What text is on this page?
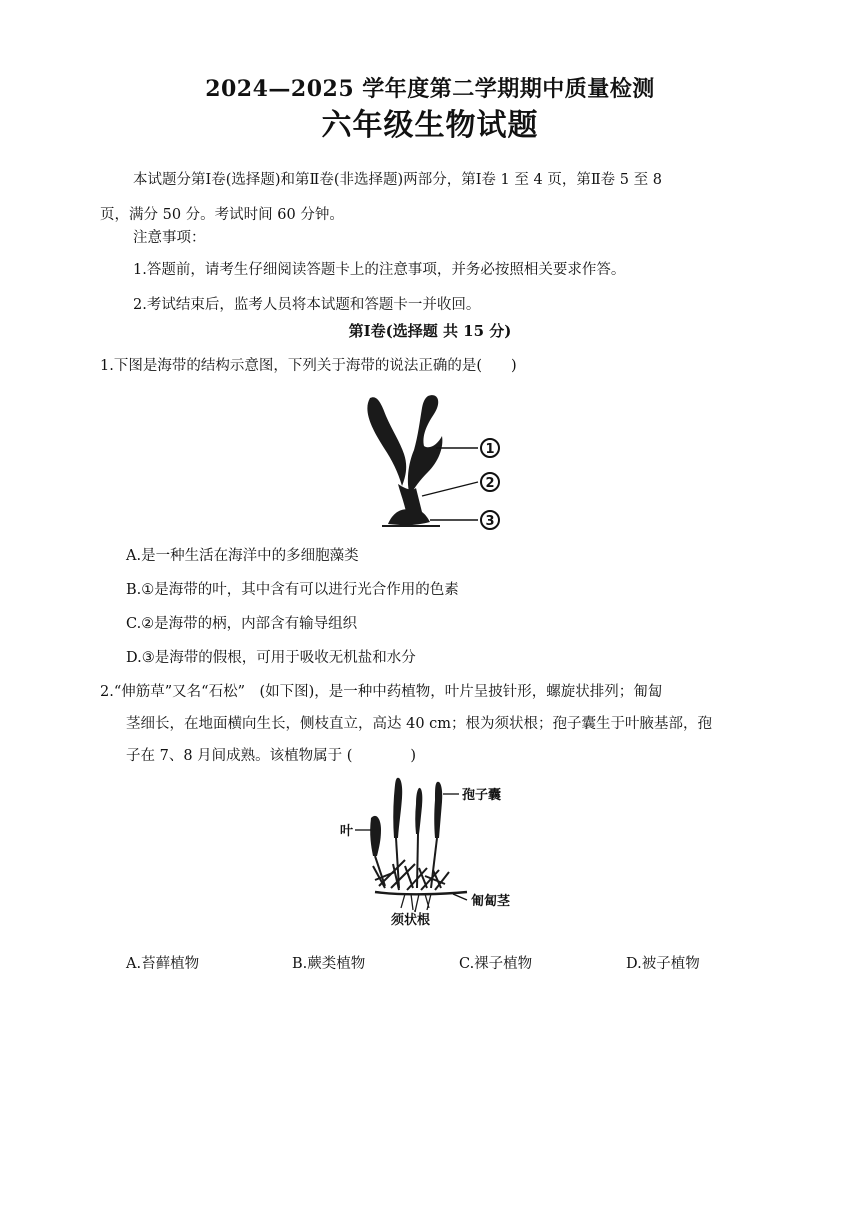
2024—2025 学年度第二学期期中质量检测
六年级生物试题
本试题分第Ⅰ卷(选择题)和第Ⅱ卷(非选择题)两部分，第Ⅰ卷 1 至 4 页，第Ⅱ卷 5 至 8
页，满分 50 分。考试时间 60 分钟。
注意事项：
1.答题前，请考生仔细阅读答题卡上的注意事项，并务必按照相关要求作答。
2.考试结束后，监考人员将本试题和答题卡一并收回。
第Ⅰ卷(选择题 共 15 分)
1.下图是海带的结构示意图，下列关于海带的说法正确的是(　　)
1
2
3
A.是一种生活在海洋中的多细胞藻类
B.①是海带的叶，其中含有可以进行光合作用的色素
C.②是海带的柄，内部含有输导组织
D.③是海带的假根，可用于吸收无机盐和水分
2.“伸筋草”又名“石松”　(如下图)，是一种中药植物，叶片呈披针形，螺旋状排列；匍匐
茎细长，在地面横向生长，侧枝直立，高达 40 cm；根为须状根；孢子囊生于叶腋基部，孢
子在 7、8 月间成熟。该植物属于 (　　　　)
孢子囊
叶
匍匐茎
须状根
A.苔藓植物	B.蕨类植物	C.裸子植物	D.被子植物
